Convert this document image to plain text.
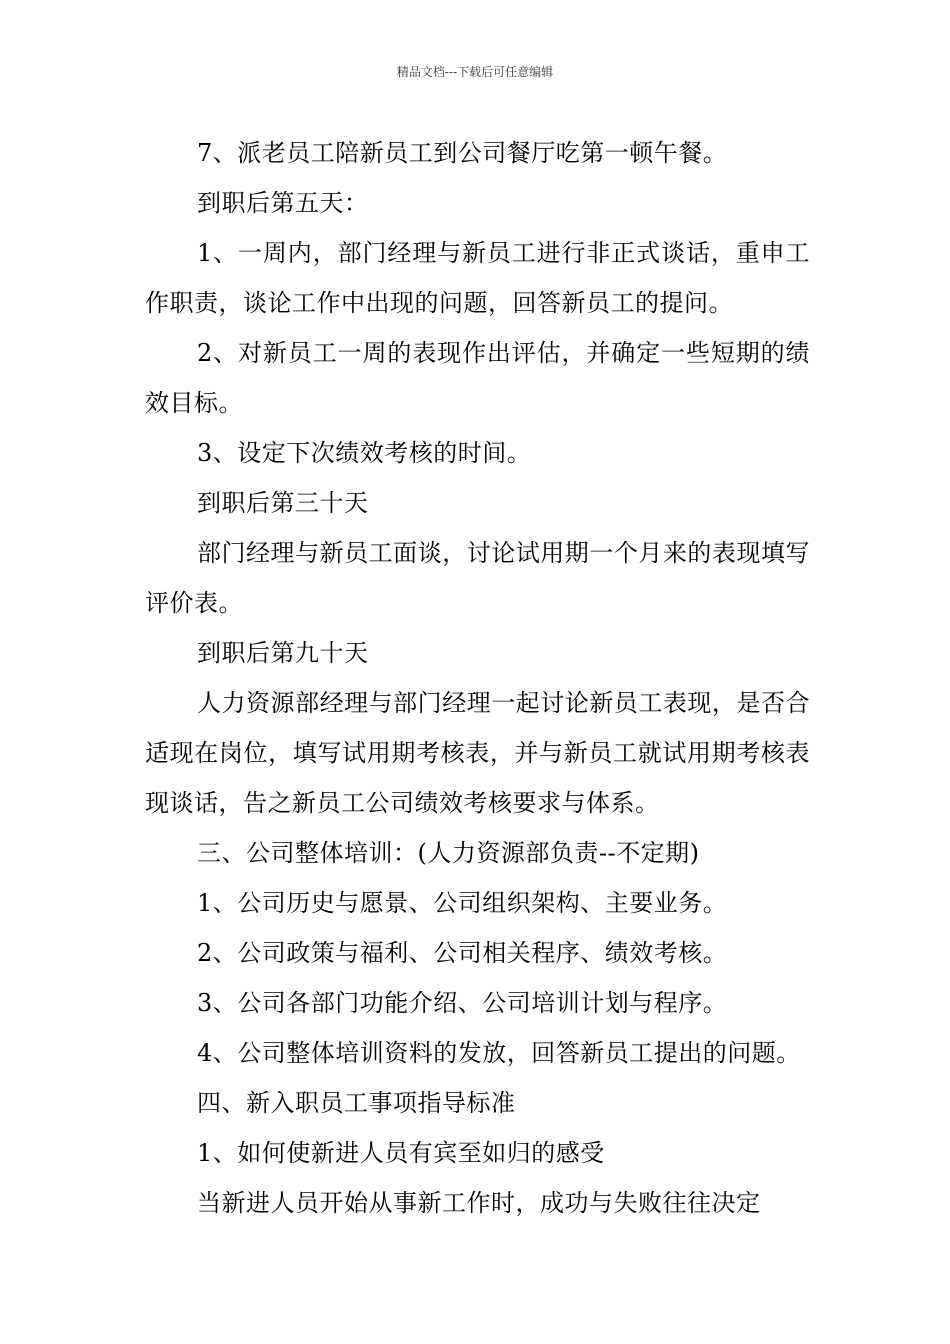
精品文档---下载后可任意编辑

7、派老员工陪新员工到公司餐厅吃第一顿午餐。

到职后第五天：

1、一周内，部门经理与新员工进行非正式谈话，重申工作职责，谈论工作中出现的问题，回答新员工的提问。

2、对新员工一周的表现作出评估，并确定一些短期的绩效目标。

3、设定下次绩效考核的时间。

到职后第三十天

部门经理与新员工面谈，讨论试用期一个月来的表现填写评价表。

到职后第九十天

人力资源部经理与部门经理一起讨论新员工表现，是否合适现在岗位，填写试用期考核表，并与新员工就试用期考核表现谈话，告之新员工公司绩效考核要求与体系。

三、公司整体培训：(人力资源部负责--不定期)

1、公司历史与愿景、公司组织架构、主要业务。

2、公司政策与福利、公司相关程序、绩效考核。

3、公司各部门功能介绍、公司培训计划与程序。

4、公司整体培训资料的发放，回答新员工提出的问题。

四、新入职员工事项指导标准

1、如何使新进人员有宾至如归的感受

当新进人员开始从事新工作时，成功与失败往往决定
